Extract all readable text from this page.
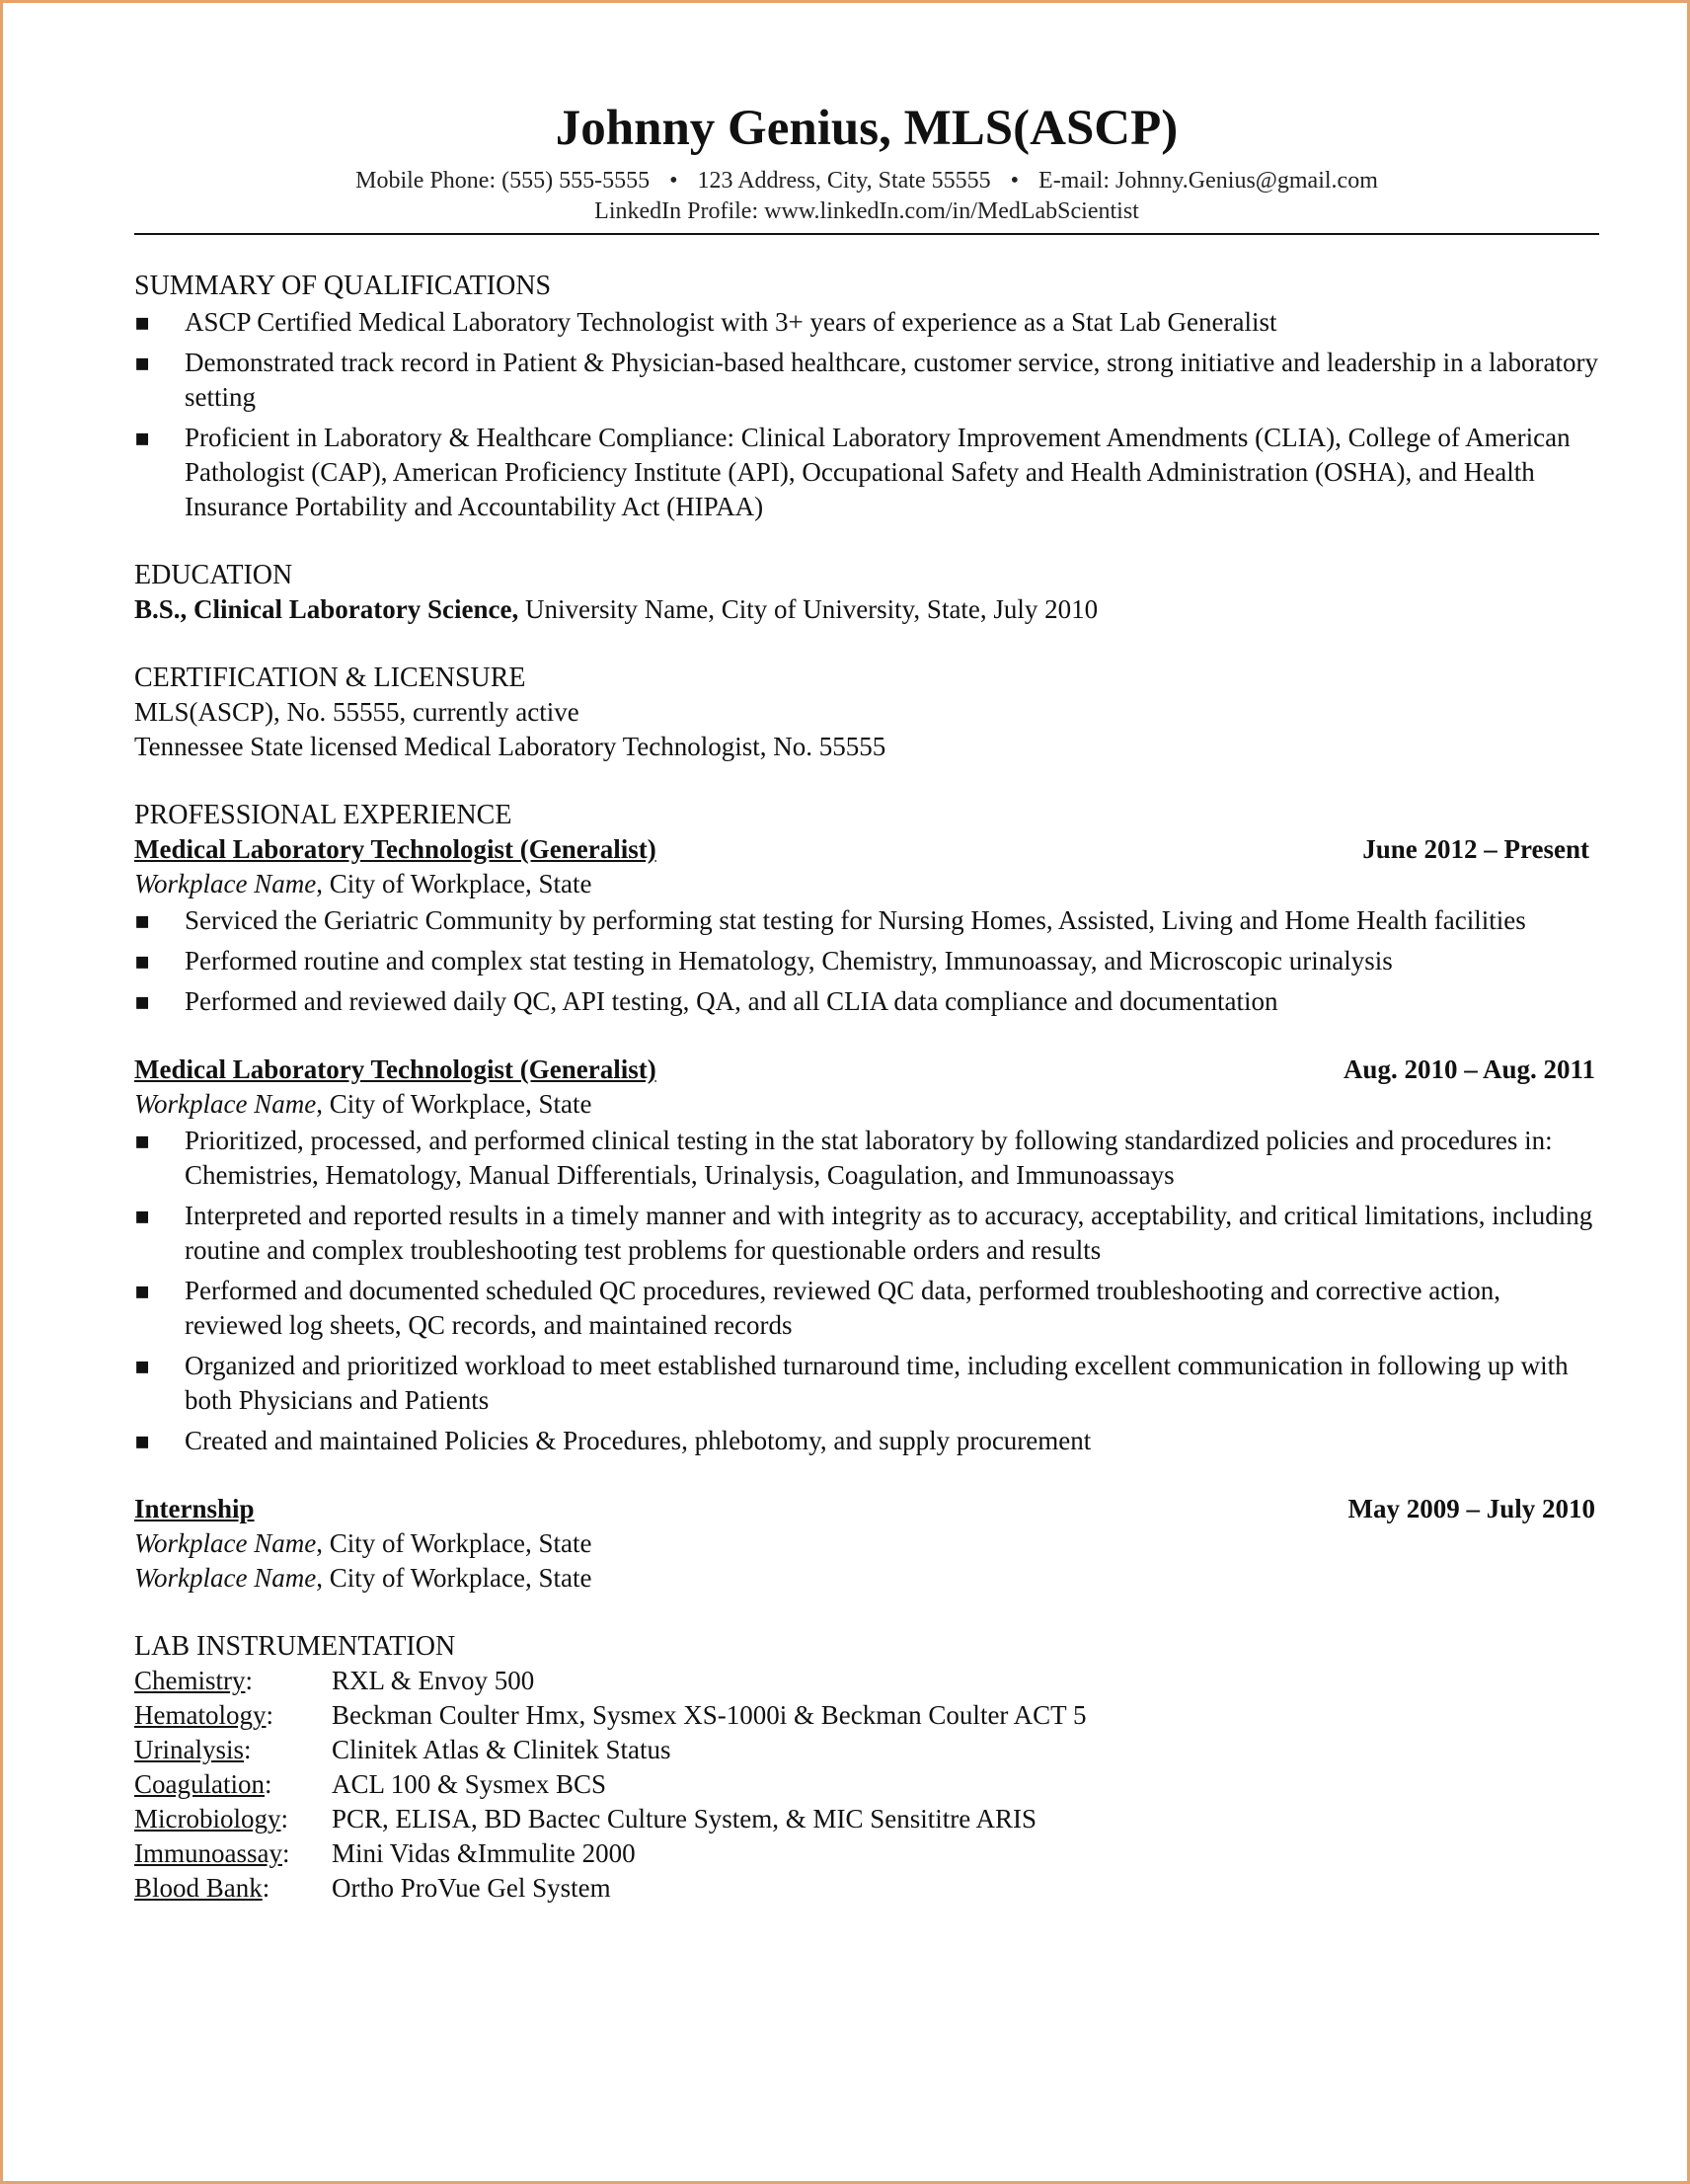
Johnny Genius, MLS(ASCP)
Mobile Phone: (555) 555-5555 • 123 Address, City, State 55555 • E-mail: Johnny.Genius@gmail.com
LinkedIn Profile: www.linkedIn.com/in/MedLabScientist
SUMMARY OF QUALIFICATIONS
▪ ASCP Certified Medical Laboratory Technologist with 3+ years of experience as a Stat Lab Generalist
▪ Demonstrated track record in Patient & Physician-based healthcare, customer service, strong initiative and leadership in a laboratory setting
▪ Proficient in Laboratory & Healthcare Compliance: Clinical Laboratory Improvement Amendments (CLIA), College of American Pathologist (CAP), American Proficiency Institute (API), Occupational Safety and Health Administration (OSHA), and Health Insurance Portability and Accountability Act (HIPAA)
EDUCATION
B.S., Clinical Laboratory Science, University Name, City of University, State, July 2010
CERTIFICATION & LICENSURE
MLS(ASCP), No. 55555, currently active
Tennessee State licensed Medical Laboratory Technologist, No. 55555
PROFESSIONAL EXPERIENCE
Medical Laboratory Technologist (Generalist)	June 2012 – Present
Workplace Name, City of Workplace, State
▪ Serviced the Geriatric Community by performing stat testing for Nursing Homes, Assisted, Living and Home Health facilities
▪ Performed routine and complex stat testing in Hematology, Chemistry, Immunoassay, and Microscopic urinalysis
▪ Performed and reviewed daily QC, API testing, QA, and all CLIA data compliance and documentation
Medical Laboratory Technologist (Generalist)	Aug. 2010 – Aug. 2011
Workplace Name, City of Workplace, State
▪ Prioritized, processed, and performed clinical testing in the stat laboratory by following standardized policies and procedures in: Chemistries, Hematology, Manual Differentials, Urinalysis, Coagulation, and Immunoassays
▪ Interpreted and reported results in a timely manner and with integrity as to accuracy, acceptability, and critical limitations, including routine and complex troubleshooting test problems for questionable orders and results
▪ Performed and documented scheduled QC procedures, reviewed QC data, performed troubleshooting and corrective action, reviewed log sheets, QC records, and maintained records
▪ Organized and prioritized workload to meet established turnaround time, including excellent communication in following up with both Physicians and Patients
▪ Created and maintained Policies & Procedures, phlebotomy, and supply procurement
Internship	May 2009 – July 2010
Workplace Name, City of Workplace, State
Workplace Name, City of Workplace, State
LAB INSTRUMENTATION
Chemistry:	RXL & Envoy 500
Hematology:	Beckman Coulter Hmx, Sysmex XS-1000i & Beckman Coulter ACT 5
Urinalysis:	Clinitek Atlas & Clinitek Status
Coagulation:	ACL 100 & Sysmex BCS
Microbiology:	PCR, ELISA, BD Bactec Culture System, & MIC Sensititre ARIS
Immunoassay:	Mini Vidas &Immulite 2000
Blood Bank:	Ortho ProVue Gel System
